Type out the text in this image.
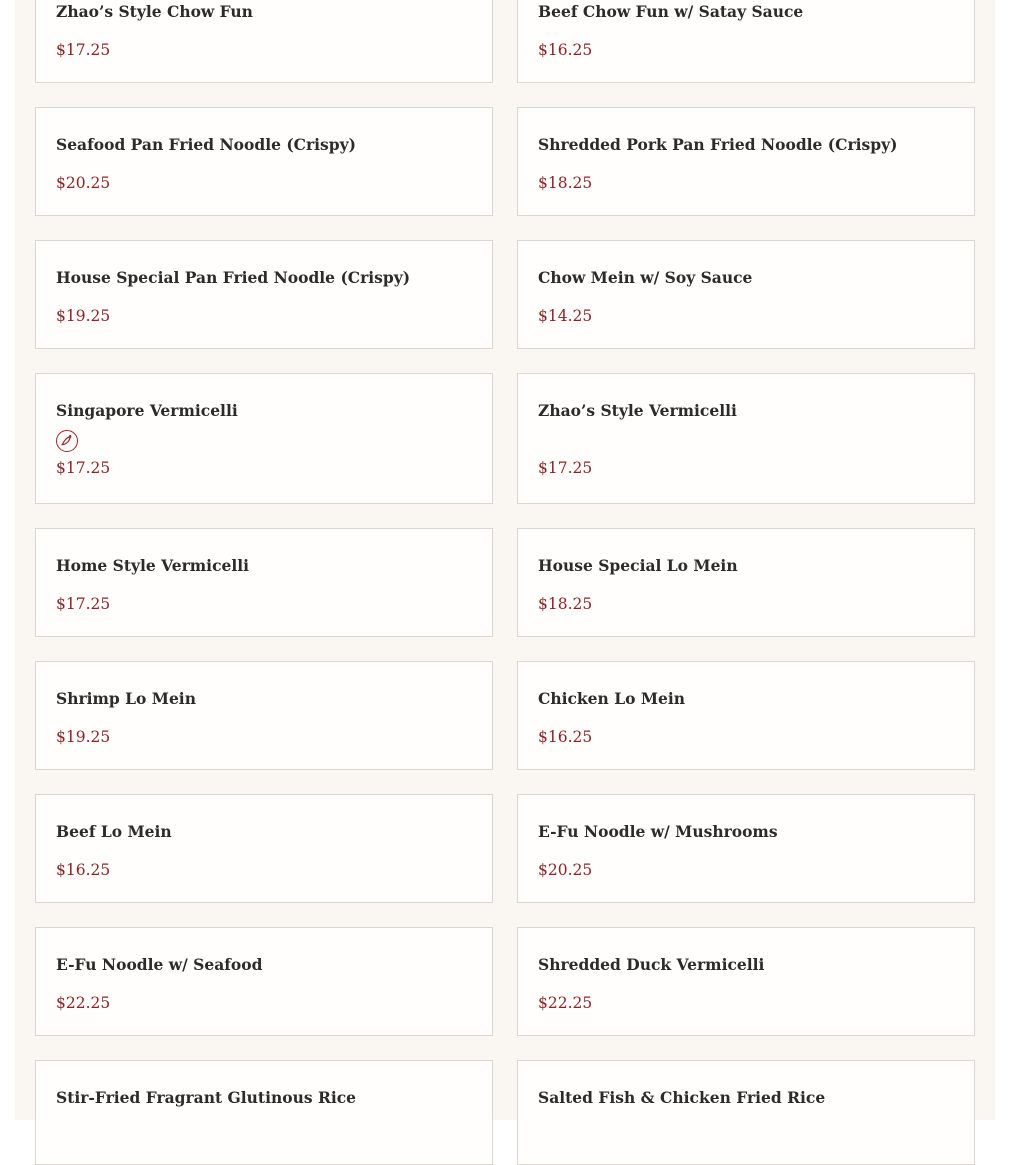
Zhao’s Style Chow Fun
$17.25
Beef Chow Fun w/ Satay Sauce
$16.25
Seafood Pan Fried Noodle (Crispy)
$20.25
Shredded Pork Pan Fried Noodle (Crispy)
$18.25
House Special Pan Fried Noodle (Crispy)
$19.25
Chow Mein w/ Soy Sauce
$14.25
Singapore Vermicelli
$17.25
Zhao’s Style Vermicelli
$17.25
Home Style Vermicelli
$17.25
House Special Lo Mein
$18.25
Shrimp Lo Mein
$19.25
Chicken Lo Mein
$16.25
Beef Lo Mein
$16.25
E-Fu Noodle w/ Mushrooms
$20.25
E-Fu Noodle w/ Seafood
$22.25
Shredded Duck Vermicelli
$22.25
Stir-Fried Fragrant Glutinous Rice	Salted Fish & Chicken Fried Rice
